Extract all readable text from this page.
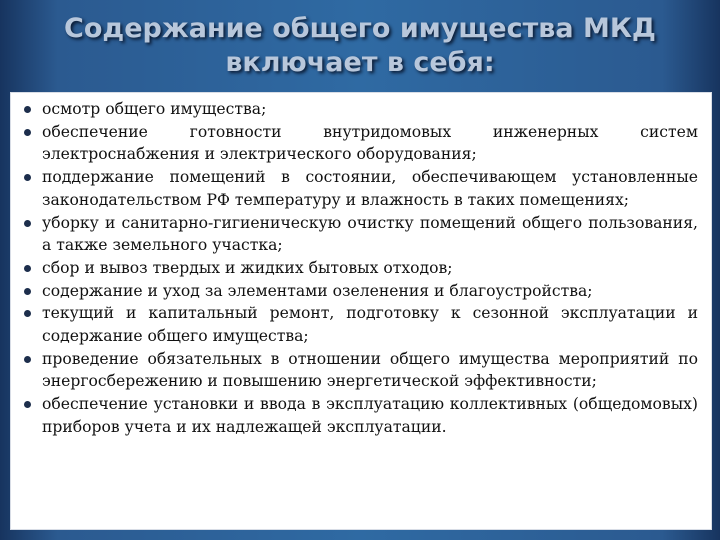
Содержание общего имущества МКД
включает в себя:
осмотр общего имущества;
обеспечение готовности внутридомовых инженерных систем электроснабжения и электрического оборудования;
поддержание помещений в состоянии, обеспечивающем установленные законодательством РФ температуру и влажность в таких помещениях;
уборку и санитарно-гигиеническую очистку помещений общего пользования, а также земельного участка;
сбор и вывоз твердых и жидких бытовых отходов;
содержание и уход за элементами озеленения и благоустройства;
текущий и капитальный ремонт, подготовку к сезонной эксплуатации и содержание общего имущества;
проведение обязательных в отношении общего имущества мероприятий по энергосбережению и повышению энергетической эффективности;
обеспечение установки и ввода в эксплуатацию коллективных (общедомовых) приборов учета и их надлежащей эксплуатации.
